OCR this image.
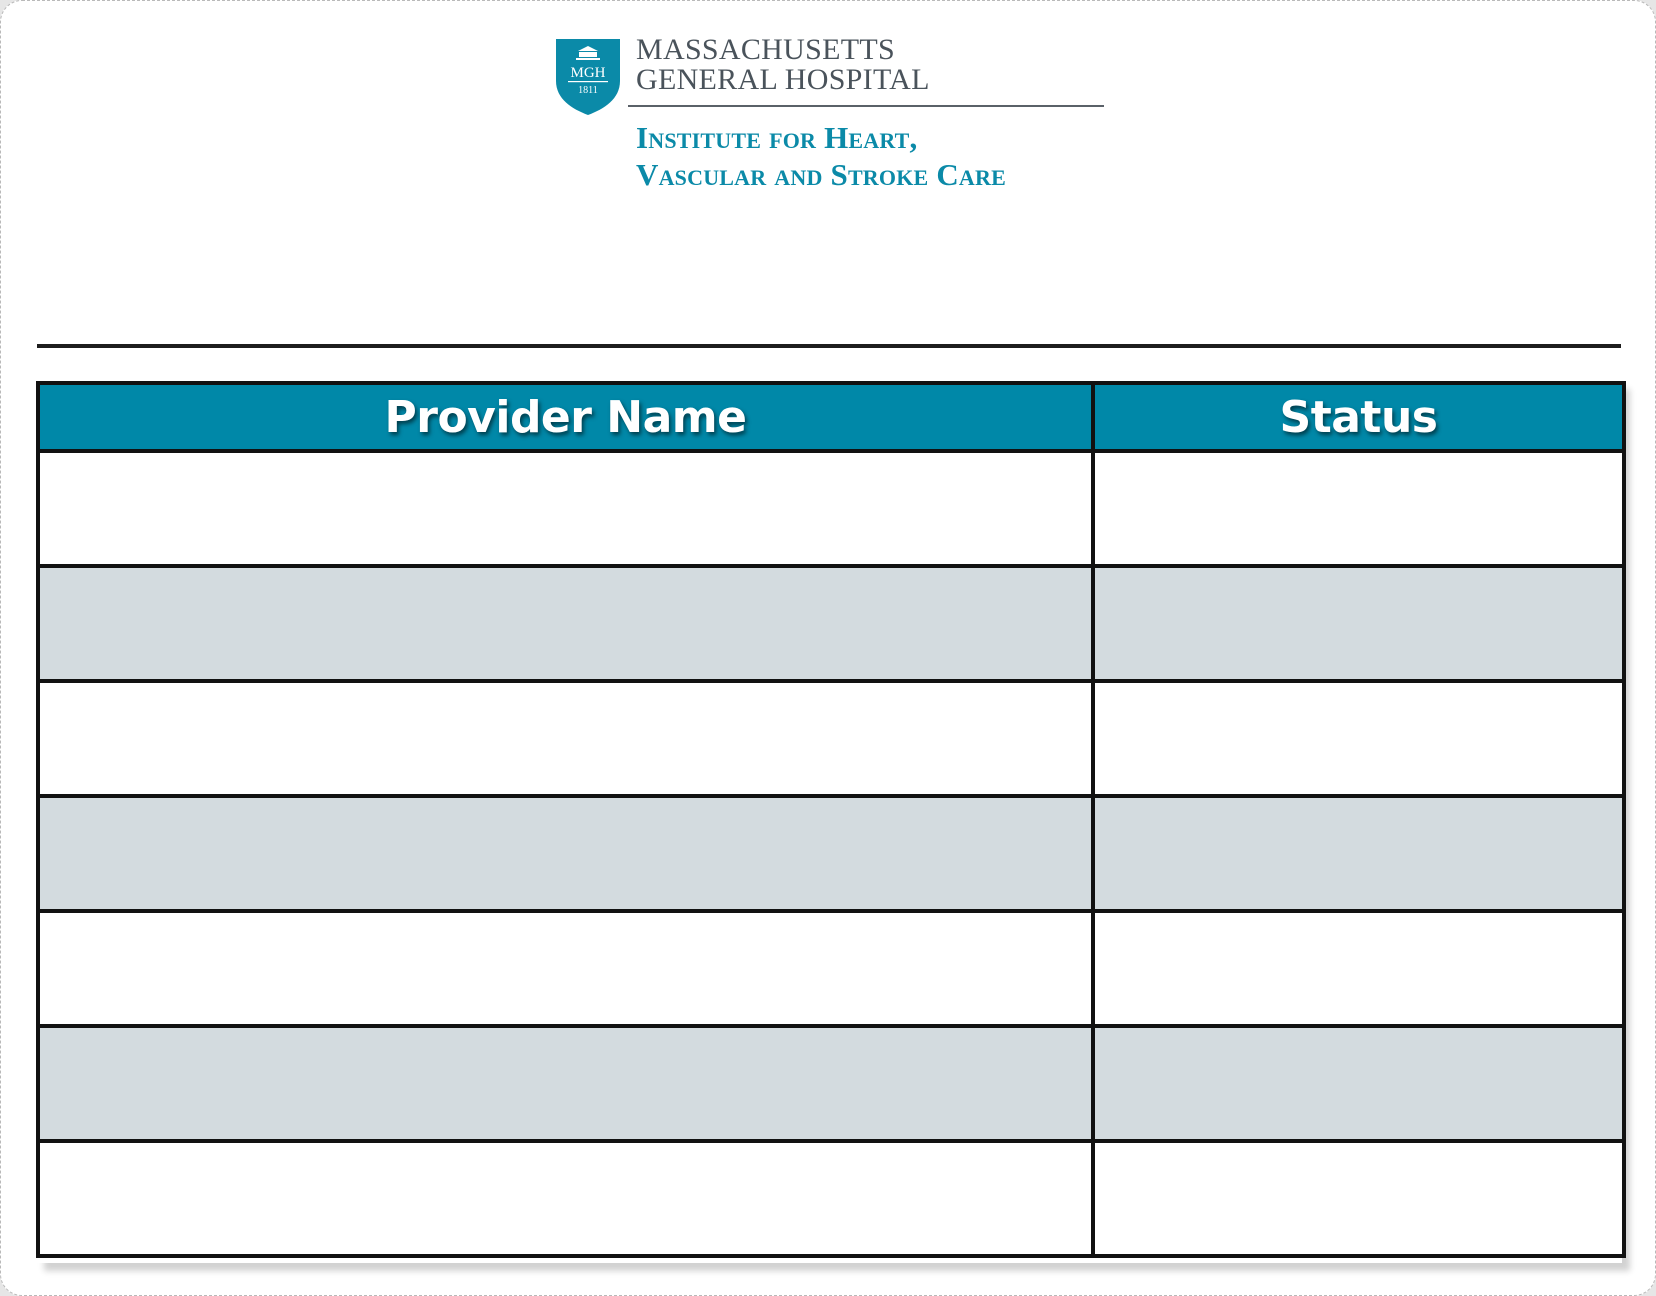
MGH
1811
MASSACHUSETTS
GENERAL HOSPITAL
Institute for Heart,
Vascular and Stroke Care
Provider Name	Status
